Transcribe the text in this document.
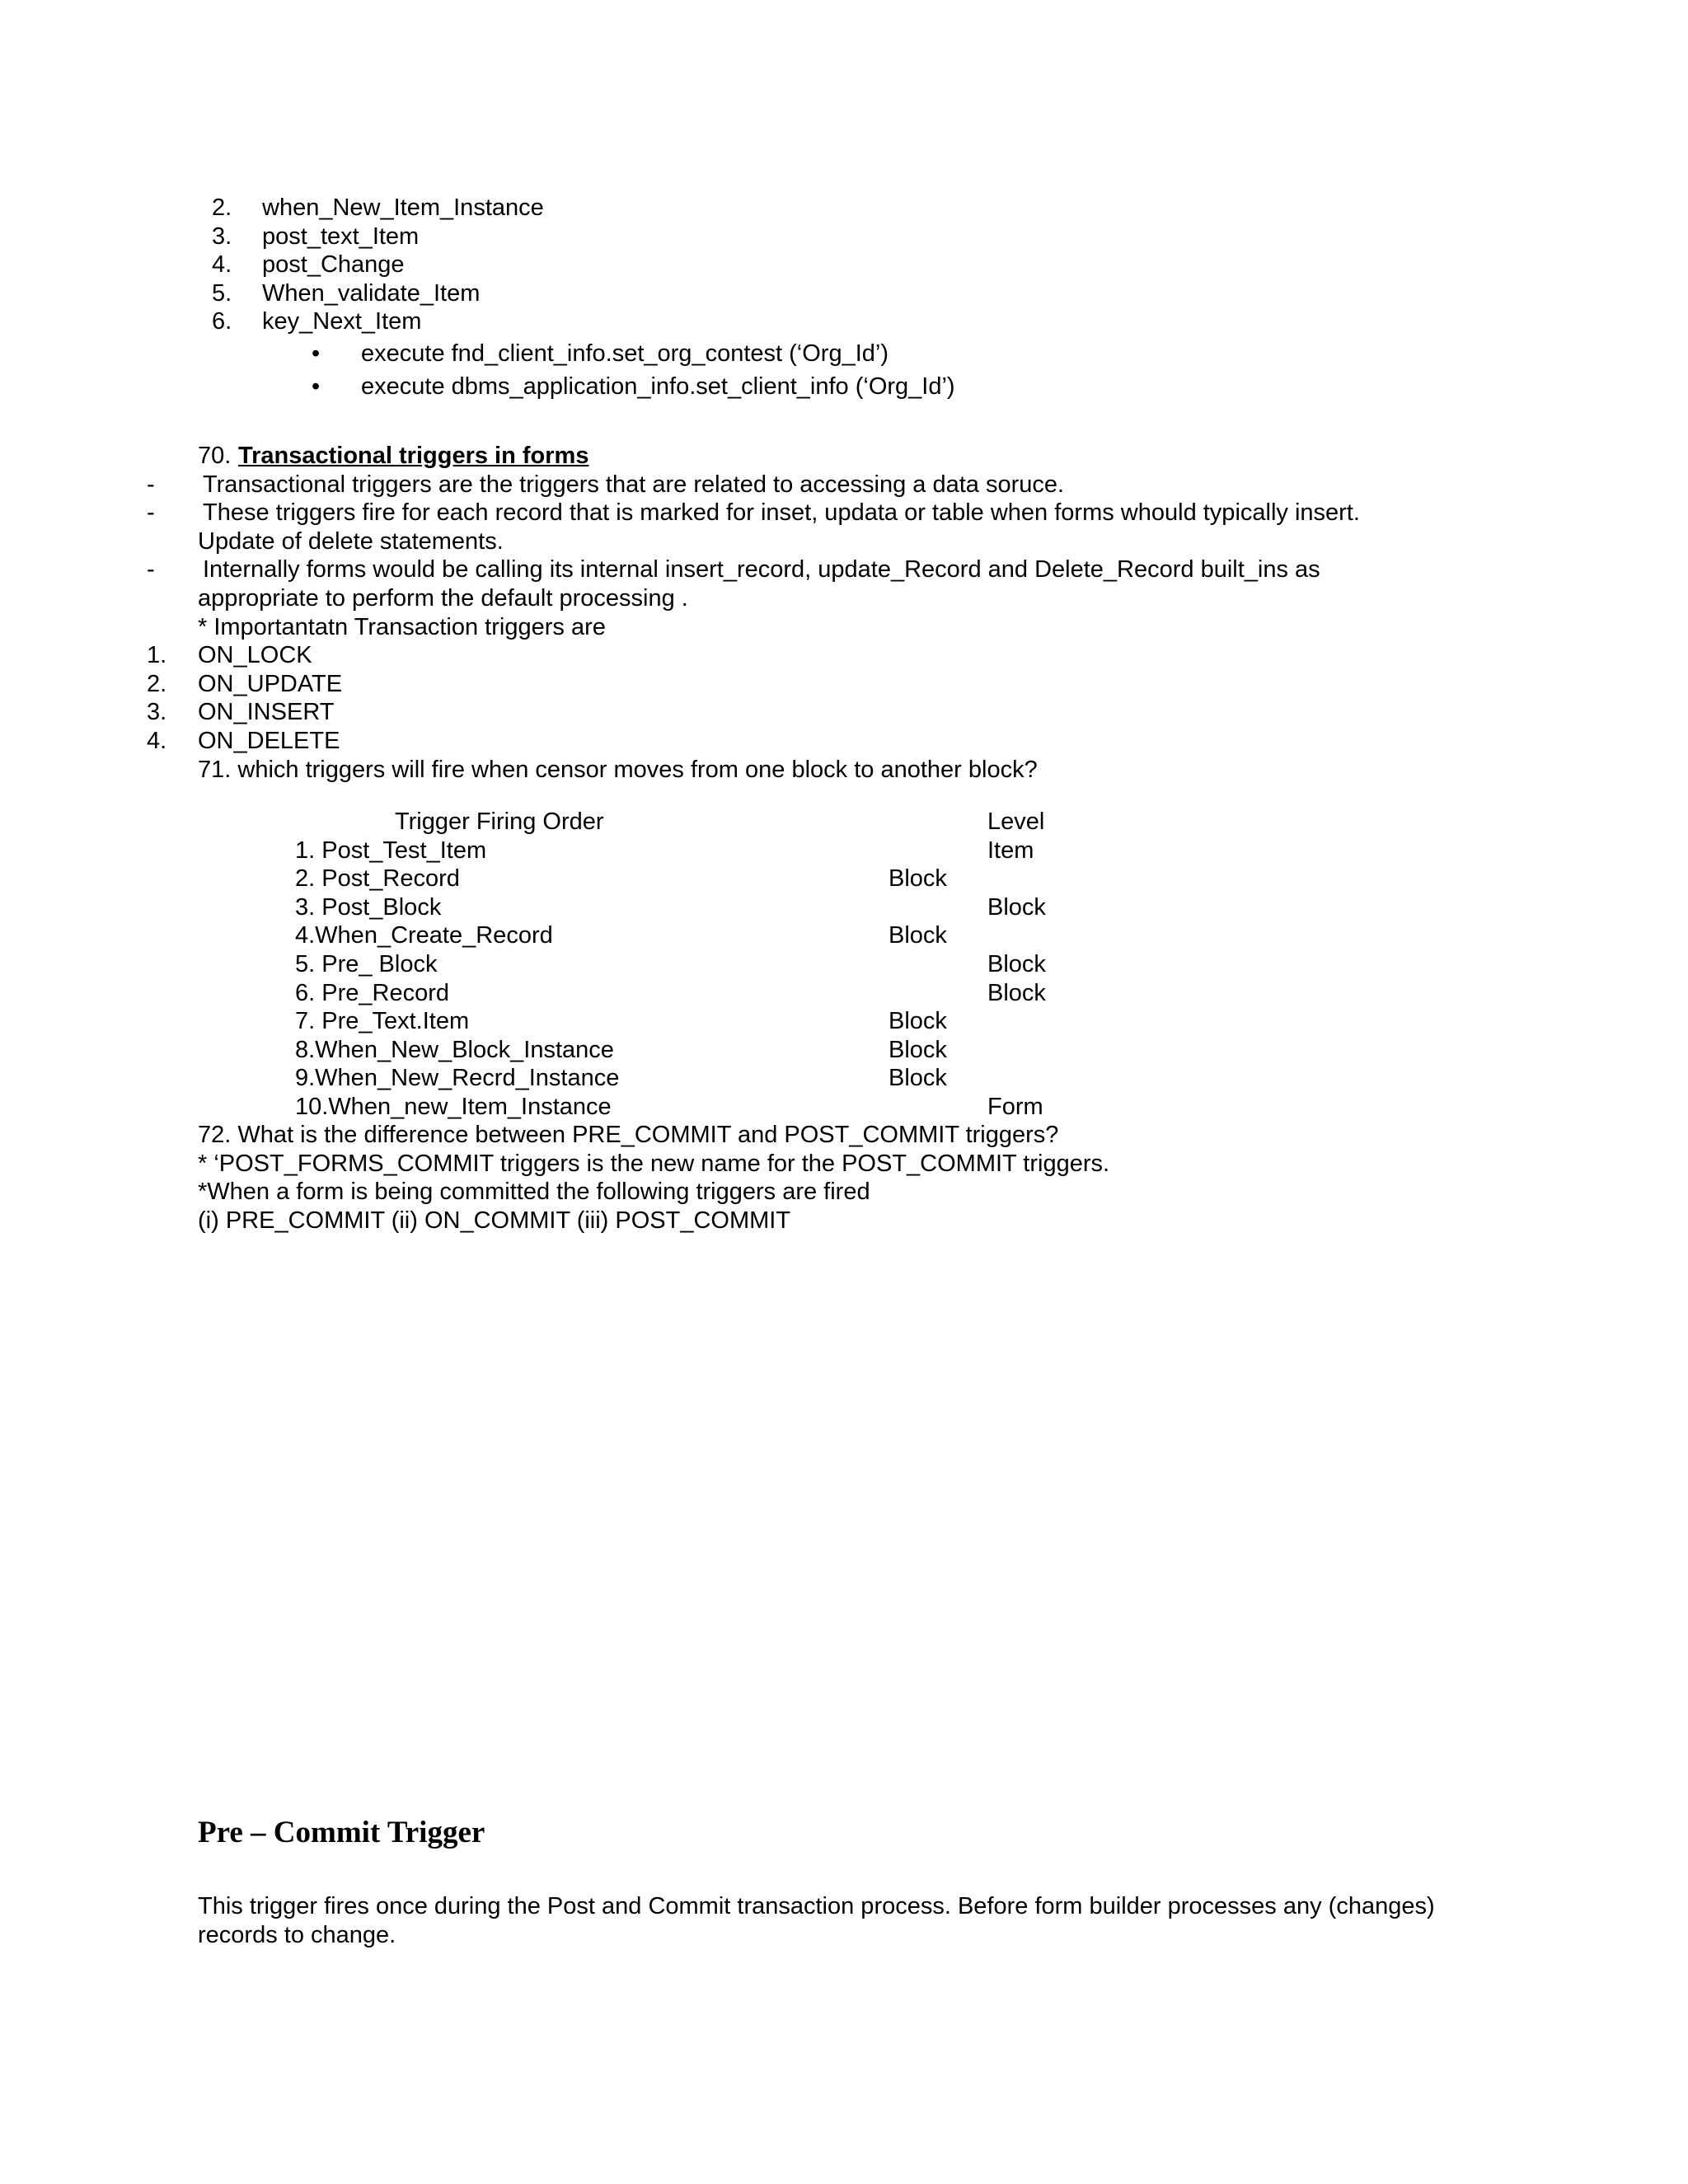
2. when_New_Item_Instance
3. post_text_Item
4. post_Change
5. When_validate_Item
6. key_Next_Item
• execute fnd_client_info.set_org_contest (‘Org_Id’)
• execute dbms_application_info.set_client_info (‘Org_Id’)
70. Transactional triggers in forms
- Transactional triggers are the triggers that are related to accessing a data soruce.
- These triggers fire for each record that is marked for inset, updata or table when forms whould typically insert.
Update of delete statements.
- Internally forms would be calling its internal insert_record, update_Record and Delete_Record built_ins as
appropriate to perform the default processing .
* Importantatn Transaction triggers are
1. ON_LOCK
2. ON_UPDATE
3. ON_INSERT
4. ON_DELETE
71. which triggers will fire when censor moves from one block to another block?
Trigger Firing Order	Level
1. Post_Test_Item	Item
2. Post_Record	Block
3. Post_Block	Block
4.When_Create_Record	Block
5. Pre_ Block	Block
6. Pre_Record	Block
7. Pre_Text.Item	Block
8.When_New_Block_Instance	Block
9.When_New_Recrd_Instance	Block
10.When_new_Item_Instance	Form
72. What is the difference between PRE_COMMIT and POST_COMMIT triggers?
* ‘POST_FORMS_COMMIT triggers is the new name for the POST_COMMIT triggers.
*When a form is being committed the following triggers are fired
(i) PRE_COMMIT (ii) ON_COMMIT (iii) POST_COMMIT
Pre – Commit Trigger
This trigger fires once during the Post and Commit transaction process. Before form builder processes any (changes) records to change.
